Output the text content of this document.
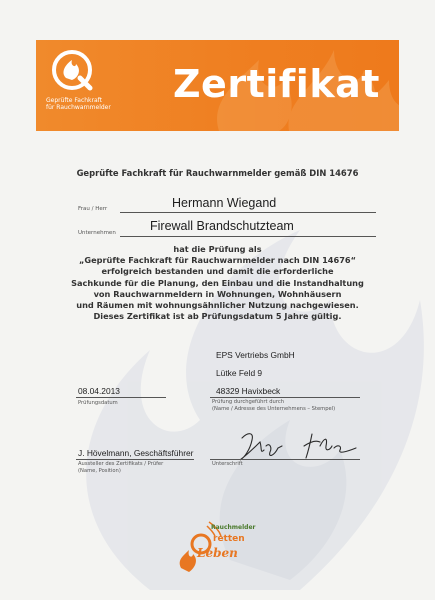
Geprüfte Fachkraft
für Rauchwarnmelder
Zertifikat
Geprüfte Fachkraft für Rauchwarnmelder gemäß DIN 14676
Frau / Herr	Hermann Wiegand
Unternehmen	Firewall Brandschutzteam
hat die Prüfung als
„Geprüfte Fachkraft für Rauchwarnmelder nach DIN 14676“
erfolgreich bestanden und damit die erforderliche
Sachkunde für die Planung, den Einbau und die Instandhaltung
von Rauchwarnmeldern in Wohnungen, Wohnhäusern
und Räumen mit wohnungsähnlicher Nutzung nachgewiesen.
Dieses Zertifikat ist ab Prüfungsdatum 5 Jahre gültig.
EPS Vertriebs GmbH
Lütke Feld 9
48329 Havixbeck
Prüfung durchgeführt durch
(Name / Adresse des Unternehmens – Stempel)
08.04.2013
Prüfungsdatum
J. Hövelmann, Geschäftsführer
Aussteller des Zertifikats / Prüfer
(Name, Position)
Unterschrift
Rauchmelder
retten
Leben
